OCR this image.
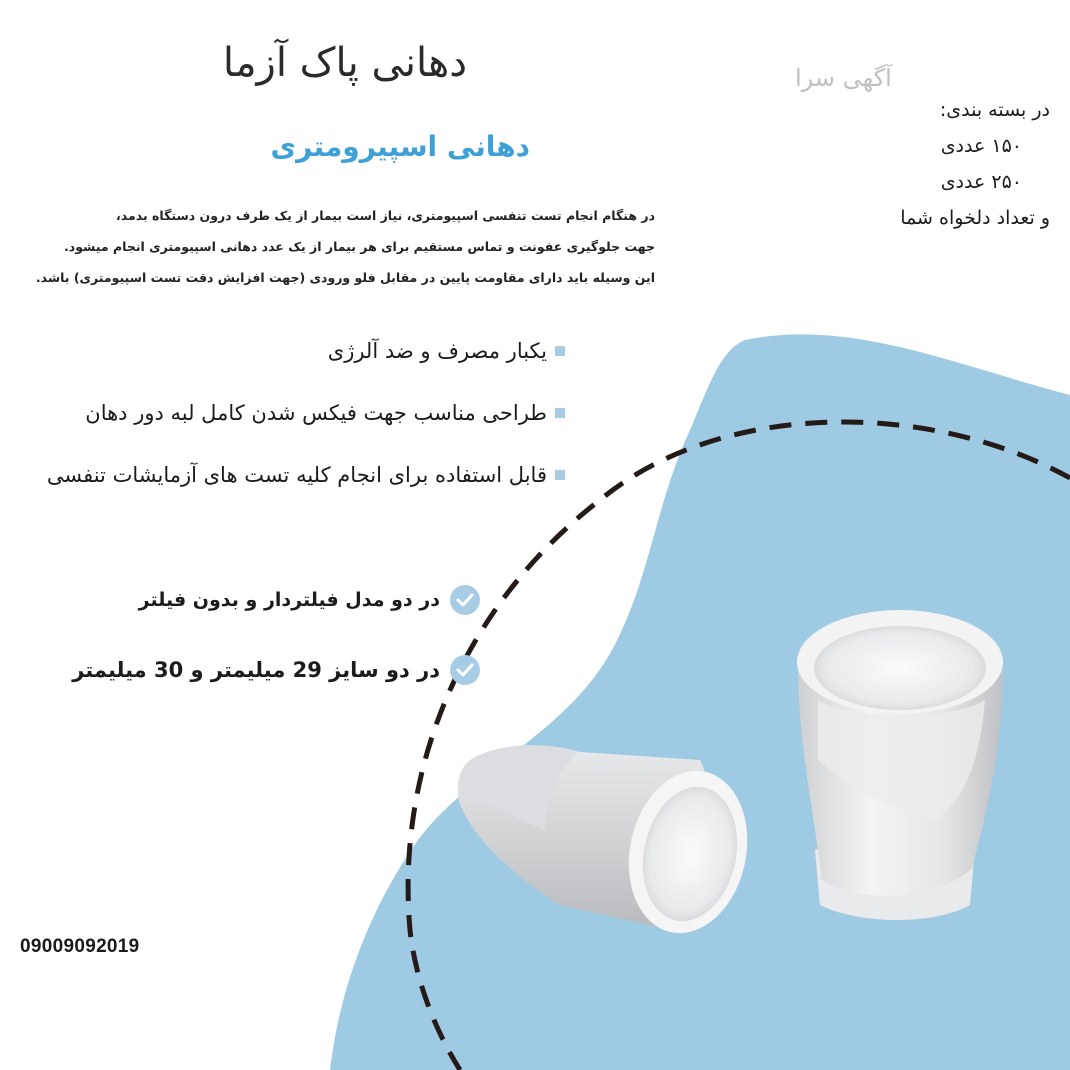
دهانی پاک آزما
دهانی اسپیرومتری
در هنگام انجام تست تنفسی اسپیومتری، نیاز است بیمار از یک طرف درون دستگاه بدمد،
جهت جلوگیری عفونت و تماس مستقیم برای هر بیمار از یک عدد دهانی اسپیومتری انجام میشود.
این وسیله باید دارای مقاومت پایین در مقابل فلو ورودی (جهت افزایش دقت تست اسپیومتری) باشد.
یکبار مصرف و ضد آلرژی
طراحی مناسب جهت فیکس شدن کامل لبه دور دهان
قابل استفاده برای انجام کلیه تست های آزمایشات تنفسی
در دو مدل فیلتردار و بدون فیلتر
در دو سایز 29 میلیمتر و 30 میلیمتر
آگهی سرا
در بسته بندی:
۱۵۰ عددی
۲۵۰ عددی
و تعداد دلخواه شما
09009092019
